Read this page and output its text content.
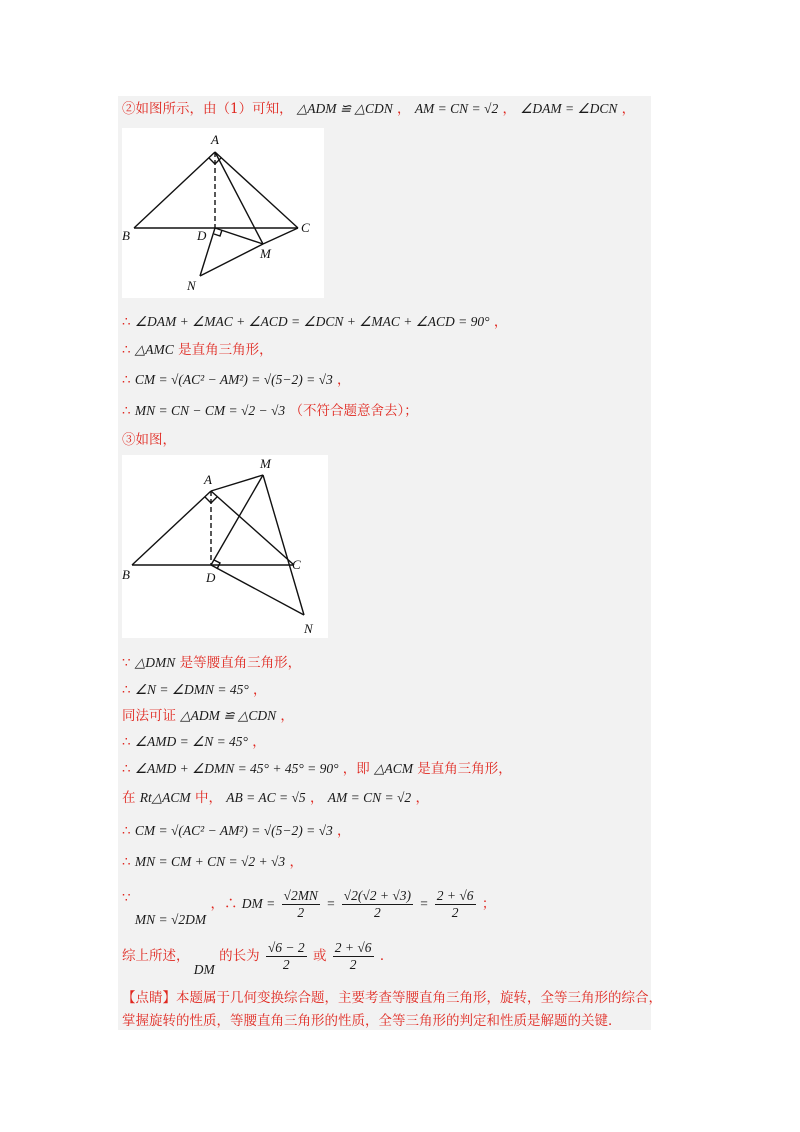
②如图所示，由（1）可知， △ADM ≌ △CDN ， AM = CN = √2 ， ∠DAM = ∠DCN ，
A
B
C
D
M
N
∴ ∠DAM + ∠MAC + ∠ACD = ∠DCN + ∠MAC + ∠ACD = 90° ，
∴ △AMC 是直角三角形，
∴ CM = √(AC² − AM²) = √(5−2) = √3 ，
∴ MN = CN − CM = √2 − √3 （不符合题意舍去）；
③如图，
A
B
C
D
M
N
∵ △DMN 是等腰直角三角形，
∴ ∠N = ∠DMN = 45° ，
同法可证 △ADM ≌ △CDN ，
∴ ∠AMD = ∠N = 45° ，
∴ ∠AMD + ∠DMN = 45° + 45° = 90° ，即 △ACM 是直角三角形，
在 Rt△ACM 中， AB = AC = √5 ， AM = CN = √2 ，
∴ CM = √(AC² − AM²) = √(5−2) = √3 ，
∴ MN = CM + CN = √2 + √3 ，
∵ MN = √2DM ，∴ DM = $\frac{√2MN}{2} = \frac{√2(√2 + √3)}{2} = \frac{2 + √6}{2}$ ；
综上所述， DM 的长为 $\frac{√6 - 2}{2}$ 或 $\frac{2 + √6}{2}$ ．
【点睛】本题属于几何变换综合题，主要考查等腰直角三角形，旋转，全等三角形的综合，
掌握旋转的性质，等腰直角三角形的性质，全等三角形的判定和性质是解题的关键．
